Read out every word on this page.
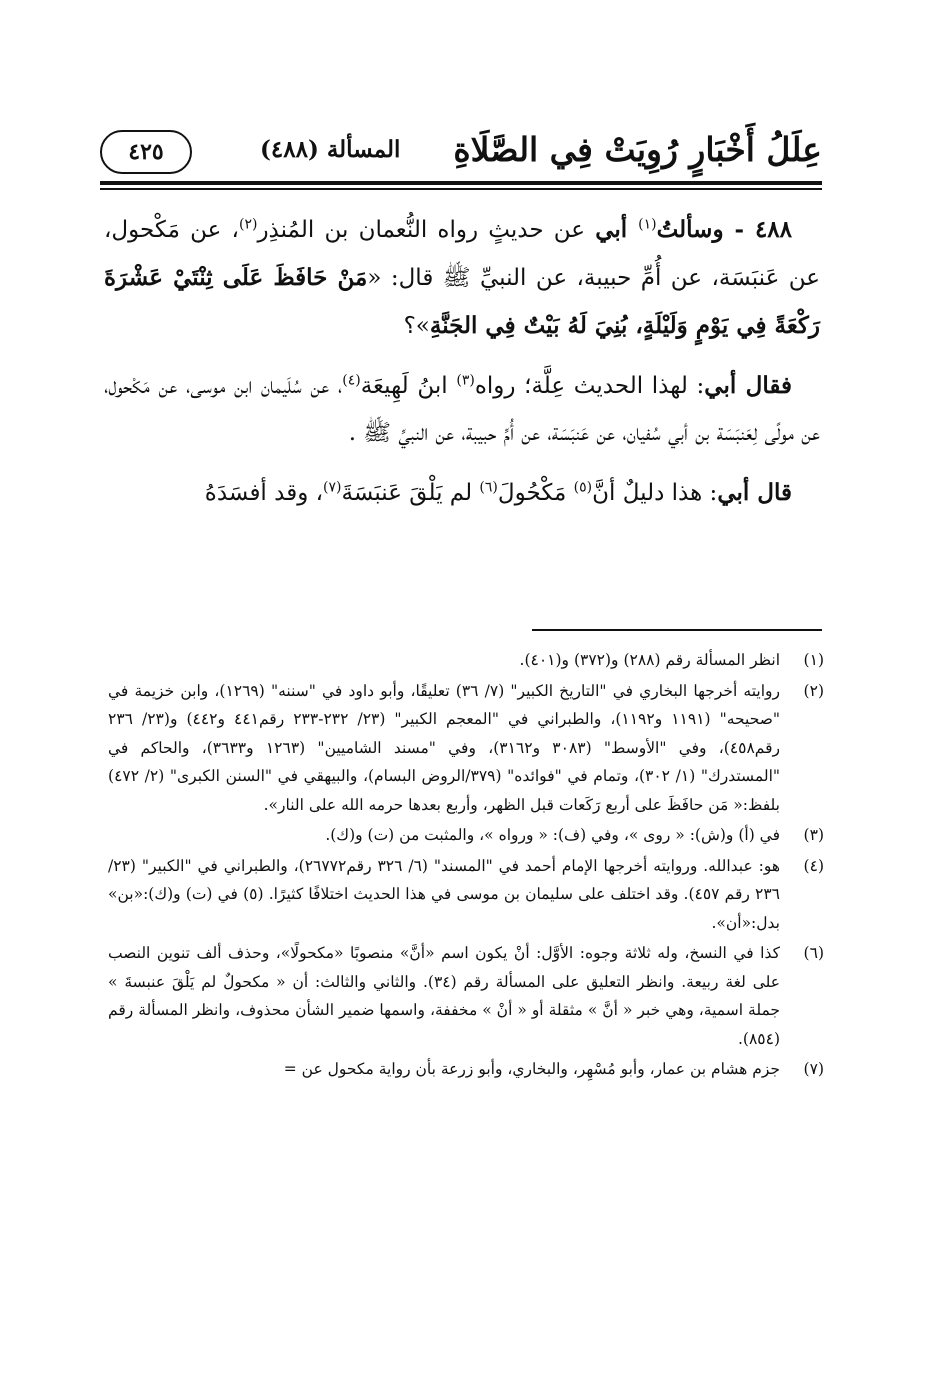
عِلَلُ أَخْبَارٍ رُوِيَتْ فِي الصَّلَاةِ
المسألة (٤٨٨)
٤٢٥

٤٨٨ - وسألتُ$^{(١)}$ أبي عن حديثٍ رواه النُّعمان بن المُنذِر$^{(٢)}$، عن مَكْحول، عن عَنبَسَة، عن أُمِّ حبيبة، عن النبيِّ ﷺ قال: «مَنْ حَافَظَ عَلَى ثِنْتَيْ عَشْرَةَ رَكْعَةً فِي يَوْمٍ وَلَيْلَةٍ، بُنِيَ لَهُ بَيْتٌ فِي الجَنَّةِ»؟

فقال أبي: لهذا الحديث عِلَّة؛ رواه$^{(٣)}$ ابنُ لَهِيعَة$^{(٤)}$، عن سُلَيمان ابن موسى، عن مَكْحول، عن مولًى لِعَنبَسَة بن أبي سُفيان، عن عَنبَسَة، عن أُمِّ حبيبة، عن النبيِّ ﷺ .

قال أبي: هذا دليلٌ أنَّ$^{(٥)}$ مَكْحُولَ$^{(٦)}$ لم يَلْقَ عَنبَسَةَ$^{(٧)}$، وقد أفسَدَهُ

(١)
انظر المسألة رقم (٢٨٨) و(٣٧٢) و(٤٠١).
(٢)
روايته أخرجها البخاري في "التاريخ الكبير" (٧/ ٣٦) تعليقًا، وأبو داود في "سننه" (١٢٦٩)، وابن خزيمة في "صحيحه" (١١٩١ و١١٩٢)، والطبراني في "المعجم الكبير" (٢٣/ ٢٣٢-٢٣٣ رقم٤٤١ و٤٤٢) و(٢٣/ ٢٣٦ رقم٤٥٨)، وفي "الأوسط" (٣٠٨٣ و٣١٦٢)، وفي "مسند الشاميين" (١٢٦٣ و٣٦٣٣)، والحاكم في "المستدرك" (١/ ٣٠٢)، وتمام في "فوائده" (٣٧٩/الروض البسام)، والبيهقي في "السنن الكبرى" (٢/ ٤٧٢) بلفظ:« مَن حافَظَ على أربع رَكَعات قبل الظهر، وأربع بعدها حرمه الله على النار».
(٣)
في (أ) و(ش): « روى »، وفي (ف): « ورواه »، والمثبت من (ت) و(ك).
(٤)
هو: عبدالله. وروايته أخرجها الإمام أحمد في "المسند" (٦/ ٣٢٦ رقم٢٦٧٧٢)، والطبراني في "الكبير" (٢٣/ ٢٣٦ رقم ٤٥٧). وقد اختلف على سليمان بن موسى في هذا الحديث اختلافًا كثيرًا. (٥) في (ت) و(ك):«بن» بدل:«أن».
(٦)
كذا في النسخ، وله ثلاثة وجوه: الأوَّل: أنْ يكون اسم «أنَّ» منصوبًا «مكحولًا»، وحذف ألف تنوين النصب على لغة ربيعة. وانظر التعليق على المسألة رقم (٣٤). والثاني والثالث: أن « مكحولٌ لم يَلْقَ عنبسةَ » جملة اسمية، وهي خبر « أنَّ » مثقلة أو « أنْ » مخففة، واسمها ضمير الشأن محذوف، وانظر المسألة رقم (٨٥٤).
(٧)
جزم هشام بن عمار، وأبو مُسْهِر، والبخاري، وأبو زرعة بأن رواية مكحول عن =
